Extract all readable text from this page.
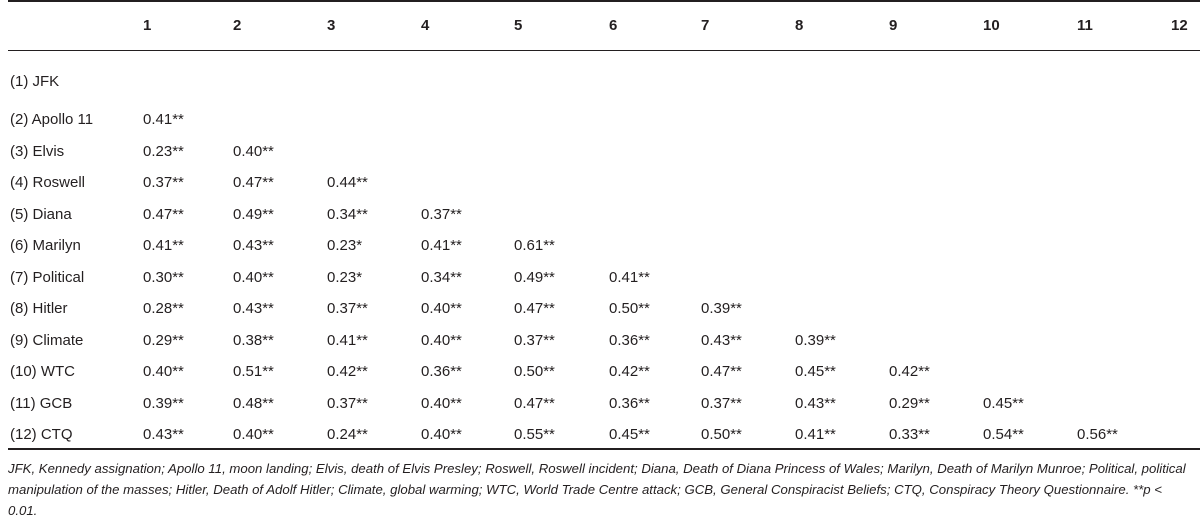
	1	2	3	4	5	6	7	8	9	10	11	12
(1) JFK												
(2) Apollo 11	0.41**											
(3) Elvis	0.23**	0.40**										
(4) Roswell	0.37**	0.47**	0.44**									
(5) Diana	0.47**	0.49**	0.34**	0.37**								
(6) Marilyn	0.41**	0.43**	0.23*	0.41**	0.61**							
(7) Political	0.30**	0.40**	0.23*	0.34**	0.49**	0.41**						
(8) Hitler	0.28**	0.43**	0.37**	0.40**	0.47**	0.50**	0.39**					
(9) Climate	0.29**	0.38**	0.41**	0.40**	0.37**	0.36**	0.43**	0.39**				
(10) WTC	0.40**	0.51**	0.42**	0.36**	0.50**	0.42**	0.47**	0.45**	0.42**			
(11) GCB	0.39**	0.48**	0.37**	0.40**	0.47**	0.36**	0.37**	0.43**	0.29**	0.45**		
(12) CTQ	0.43**	0.40**	0.24**	0.40**	0.55**	0.45**	0.50**	0.41**	0.33**	0.54**	0.56**	
JFK, Kennedy assignation; Apollo 11, moon landing; Elvis, death of Elvis Presley; Roswell, Roswell incident; Diana, Death of Diana Princess of Wales; Marilyn, Death of Marilyn Munroe; Political, political manipulation of the masses; Hitler, Death of Adolf Hitler; Climate, global warming; WTC, World Trade Centre attack; GCB, General Conspiracist Beliefs; CTQ, Conspiracy Theory Questionnaire. **p < 0.01.
